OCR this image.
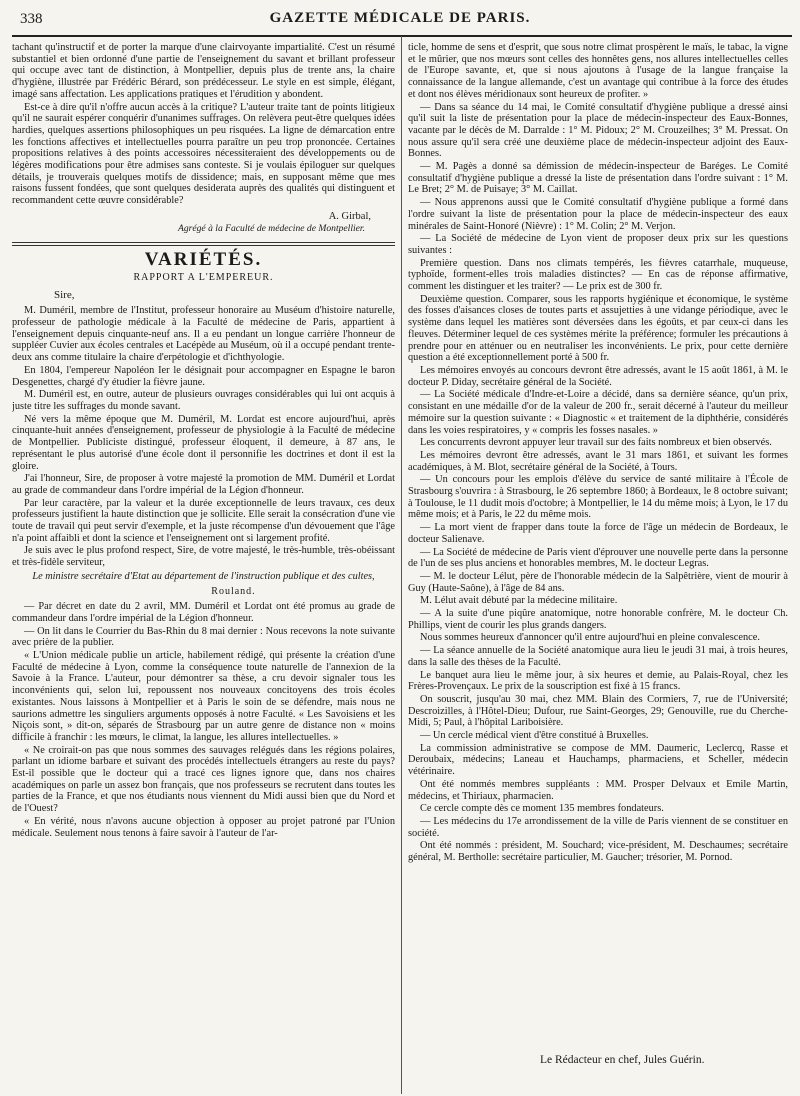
338	GAZETTE MÉDICALE DE PARIS.

tachant qu'instructif et de porter la marque d'une clairvoyante impartialité. C'est un résumé substantiel et bien ordonné d'une partie de l'enseignement du savant et brillant professeur qui occupe avec tant de distinction, à Montpellier, depuis plus de trente ans, la chaire d'hygiène, illustrée par Frédéric Bérard, son prédécesseur. Le style en est simple, élégant, imagé sans affectation. Les applications pratiques et l'érudition y abondent.

Est-ce à dire qu'il n'offre aucun accès à la critique? L'auteur traite tant de points litigieux qu'il ne saurait espérer conquérir d'unanimes suffrages. On relèvera peut-être quelques idées hardies, quelques assertions philosophiques un peu risquées. La ligne de démarcation entre les fonctions affectives et intellectuelles pourra paraître un peu trop prononcée. Certaines propositions relatives à des points accessoires nécessiteraient des développements ou de légères modifications pour être admises sans conteste. Si je voulais épiloguer sur quelques détails, je trouverais quelques motifs de dissidence; mais, en supposant même que mes raisons fussent fondées, que sont quelques desiderata auprès des qualités qui distinguent et recommandent cette œuvre considérable?

A. Girbal,
Agrégé à la Faculté de médecine de Montpellier.
VARIÉTÉS.
RAPPORT A L'EMPEREUR.
Sire,

M. Duméril, membre de l'Institut, professeur honoraire au Muséum d'histoire naturelle, professeur de pathologie médicale à la Faculté de médecine de Paris, appartient à l'enseignement depuis cinquante-neuf ans. Il a eu pendant un longue carrière l'honneur de suppléer Cuvier aux écoles centrales et Lacépède au Muséum, où il a occupé pendant trente-deux ans comme titulaire la chaire d'erpétologie et d'ichthyologie.

En 1804, l'empereur Napoléon Ier le désignait pour accompagner en Espagne le baron Desgenettes, chargé d'y étudier la fièvre jaune.

M. Duméril est, en outre, auteur de plusieurs ouvrages considérables qui lui ont acquis à juste titre les suffrages du monde savant.

Né vers la même époque que M. Duméril, M. Lordat est encore aujourd'hui, après cinquante-huit années d'enseignement, professeur de physiologie à la Faculté de médecine de Montpellier. Publiciste distingué, professeur éloquent, il demeure, à 87 ans, le représentant le plus autorisé d'une école dont il personnifie les doctrines et dont il est la gloire.

J'ai l'honneur, Sire, de proposer à votre majesté la promotion de MM. Duméril et Lordat au grade de commandeur dans l'ordre impérial de la Légion d'honneur.

Par leur caractère, par la valeur et la durée exceptionnelle de leurs travaux, ces deux professeurs justifient la haute distinction que je sollicite. Elle serait la consécration d'une vie toute de travail qui peut servir d'exemple, et la juste récompense d'un dévouement que l'âge n'a point affaibli et dont la science et l'enseignement ont si largement profité.

Je suis avec le plus profond respect, Sire, de votre majesté, le très-humble, très-obéissant et très-fidèle serviteur,

Le ministre secrétaire d'Etat au département de l'instruction publique et des cultes,
Rouland.

— Par décret en date du 2 avril, MM. Duméril et Lordat ont été promus au grade de commandeur dans l'ordre impérial de la Légion d'honneur.

— On lit dans le Courrier du Bas-Rhin du 8 mai dernier : Nous recevons la note suivante avec prière de la publier.

« L'Union médicale publie un article, habilement rédigé, qui présente la création d'une Faculté de médecine à Lyon, comme la conséquence toute naturelle de l'annexion de la Savoie à la France. L'auteur, pour démontrer sa thèse, a cru devoir signaler tous les inconvénients qui, selon lui, repoussent nos nouveaux concitoyens des trois écoles existantes. Nous laissons à Montpellier et à Paris le soin de se défendre, mais nous ne saurions admettre les singuliers arguments opposés à notre Faculté. « Les Savoisiens et les Niçois sont, » dit-on, séparés de Strasbourg par un autre genre de distance non « moins difficile à franchir : les mœurs, le climat, la langue, les allures intellectuelles. »

« Ne croirait-on pas que nous sommes des sauvages relégués dans les régions polaires, parlant un idiome barbare et suivant des procédés intellectuels étrangers au reste du pays? Est-il possible que le docteur qui a tracé ces lignes ignore que, dans nos chaires académiques on parle un assez bon français, que nos professeurs se recrutent dans toutes les parties de la France, et que nos étudiants nous viennent du Midi aussi bien que du Nord et de l'Ouest?

« En vérité, nous n'avons aucune objection à opposer au projet patroné par l'Union médicale. Seulement nous tenons à faire savoir à l'auteur de l'ar-

ticle, homme de sens et d'esprit, que sous notre climat prospèrent le maïs, le tabac, la vigne et le mûrier, que nos mœurs sont celles des honnêtes gens, nos allures intellectuelles celles de l'Europe savante, et, que si nous ajoutons à l'usage de la langue française la connaissance de la langue allemande, c'est un avantage qui contribue à la force des études et dont nos élèves méridionaux sont heureux de profiter. »

— Dans sa séance du 14 mai, le Comité consultatif d'hygiène publique a dressé ainsi qu'il suit la liste de présentation pour la place de médecin-inspecteur des Eaux-Bonnes, vacante par le décès de M. Darralde : 1° M. Pidoux; 2° M. Crouzeilhes; 3° M. Pressat. On nous assure qu'il sera créé une deuxième place de médecin-inspecteur adjoint des Eaux-Bonnes.

— M. Pagès a donné sa démission de médecin-inspecteur de Baréges. Le Comité consultatif d'hygiène publique a dressé la liste de présentation dans l'ordre suivant : 1° M. Le Bret; 2° M. de Puisaye; 3° M. Caillat.

— Nous apprenons aussi que le Comité consultatif d'hygiène publique a formé dans l'ordre suivant la liste de présentation pour la place de médecin-inspecteur des eaux minérales de Saint-Honoré (Nièvre) : 1° M. Colin; 2° M. Verjon.

— La Société de médecine de Lyon vient de proposer deux prix sur les questions suivantes :

Première question. Dans nos climats tempérés, les fièvres catarrhale, muqueuse, typhoïde, forment-elles trois maladies distinctes? — En cas de réponse affirmative, comment les distinguer et les traiter? — Le prix est de 300 fr.

Deuxième question. Comparer, sous les rapports hygiénique et économique, le système des fosses d'aisances closes de toutes parts et assujetties à une vidange périodique, avec le système dans lequel les matières sont déversées dans les égoûts, et par ceux-ci dans les fleuves. Déterminer lequel de ces systèmes mérite la préférence; formuler les précautions à prendre pour en atténuer ou en neutraliser les inconvénients. Le prix, pour cette dernière question a été exceptionnellement porté à 500 fr.

Les mémoires envoyés au concours devront être adressés, avant le 15 août 1861, à M. le docteur P. Diday, secrétaire général de la Société.

— La Société médicale d'Indre-et-Loire a décidé, dans sa dernière séance, qu'un prix, consistant en une médaille d'or de la valeur de 200 fr., serait décerné à l'auteur du meilleur mémoire sur la question suivante : « Diagnostic « et traitement de la diphthérie, considérés dans les voies respiratoires, y « compris les fosses nasales. »

Les concurrents devront appuyer leur travail sur des faits nombreux et bien observés.

Les mémoires devront être adressés, avant le 31 mars 1861, et suivant les formes académiques, à M. Blot, secrétaire général de la Société, à Tours.

— Un concours pour les emplois d'élève du service de santé militaire à l'École de Strasbourg s'ouvrira : à Strasbourg, le 26 septembre 1860; à Bordeaux, le 8 octobre suivant; à Toulouse, le 11 dudit mois d'octobre; à Montpellier, le 14 du même mois; à Lyon, le 17 du même mois; et à Paris, le 22 du même mois.

— La mort vient de frapper dans toute la force de l'âge un médecin de Bordeaux, le docteur Salienave.

— La Société de médecine de Paris vient d'éprouver une nouvelle perte dans la personne de l'un de ses plus anciens et honorables membres, M. le docteur Legras.

— M. le docteur Lélut, père de l'honorable médecin de la Salpêtrière, vient de mourir à Guy (Haute-Saône), à l'âge de 84 ans.

M. Lélut avait débuté par la médecine militaire.

— A la suite d'une piqûre anatomique, notre honorable confrère, M. le docteur Ch. Phillips, vient de courir les plus grands dangers.

Nous sommes heureux d'annoncer qu'il entre aujourd'hui en pleine convalescence.

— La séance annuelle de la Société anatomique aura lieu le jeudi 31 mai, à trois heures, dans la salle des thèses de la Faculté.

Le banquet aura lieu le même jour, à six heures et demie, au Palais-Royal, chez les Frères-Provençaux. Le prix de la souscription est fixé à 15 francs.

On souscrit, jusqu'au 30 mai, chez MM. Blain des Cormiers, 7, rue de l'Université; Descroizilles, à l'Hôtel-Dieu; Dufour, rue Saint-Georges, 29; Genouville, rue du Cherche-Midi, 5; Paul, à l'hôpital Lariboisière.

— Un cercle médical vient d'être constitué à Bruxelles.

La commission administrative se compose de MM. Daumeric, Leclercq, Rasse et Deroubaix, médecins; Laneau et Hauchamps, pharmaciens, et Scheller, médecin vétérinaire.

Ont été nommés membres suppléants : MM. Prosper Delvaux et Emile Martin, médecins, et Thiriaux, pharmacien.

Ce cercle compte dès ce moment 135 membres fondateurs.

— Les médecins du 17e arrondissement de la ville de Paris viennent de se constituer en société.

Ont été nommés : président, M. Souchard; vice-président, M. Deschaumes; secrétaire général, M. Bertholle: secrétaire particulier, M. Gaucher; trésorier, M. Pornod.

Le Rédacteur en chef, Jules Guérin.
